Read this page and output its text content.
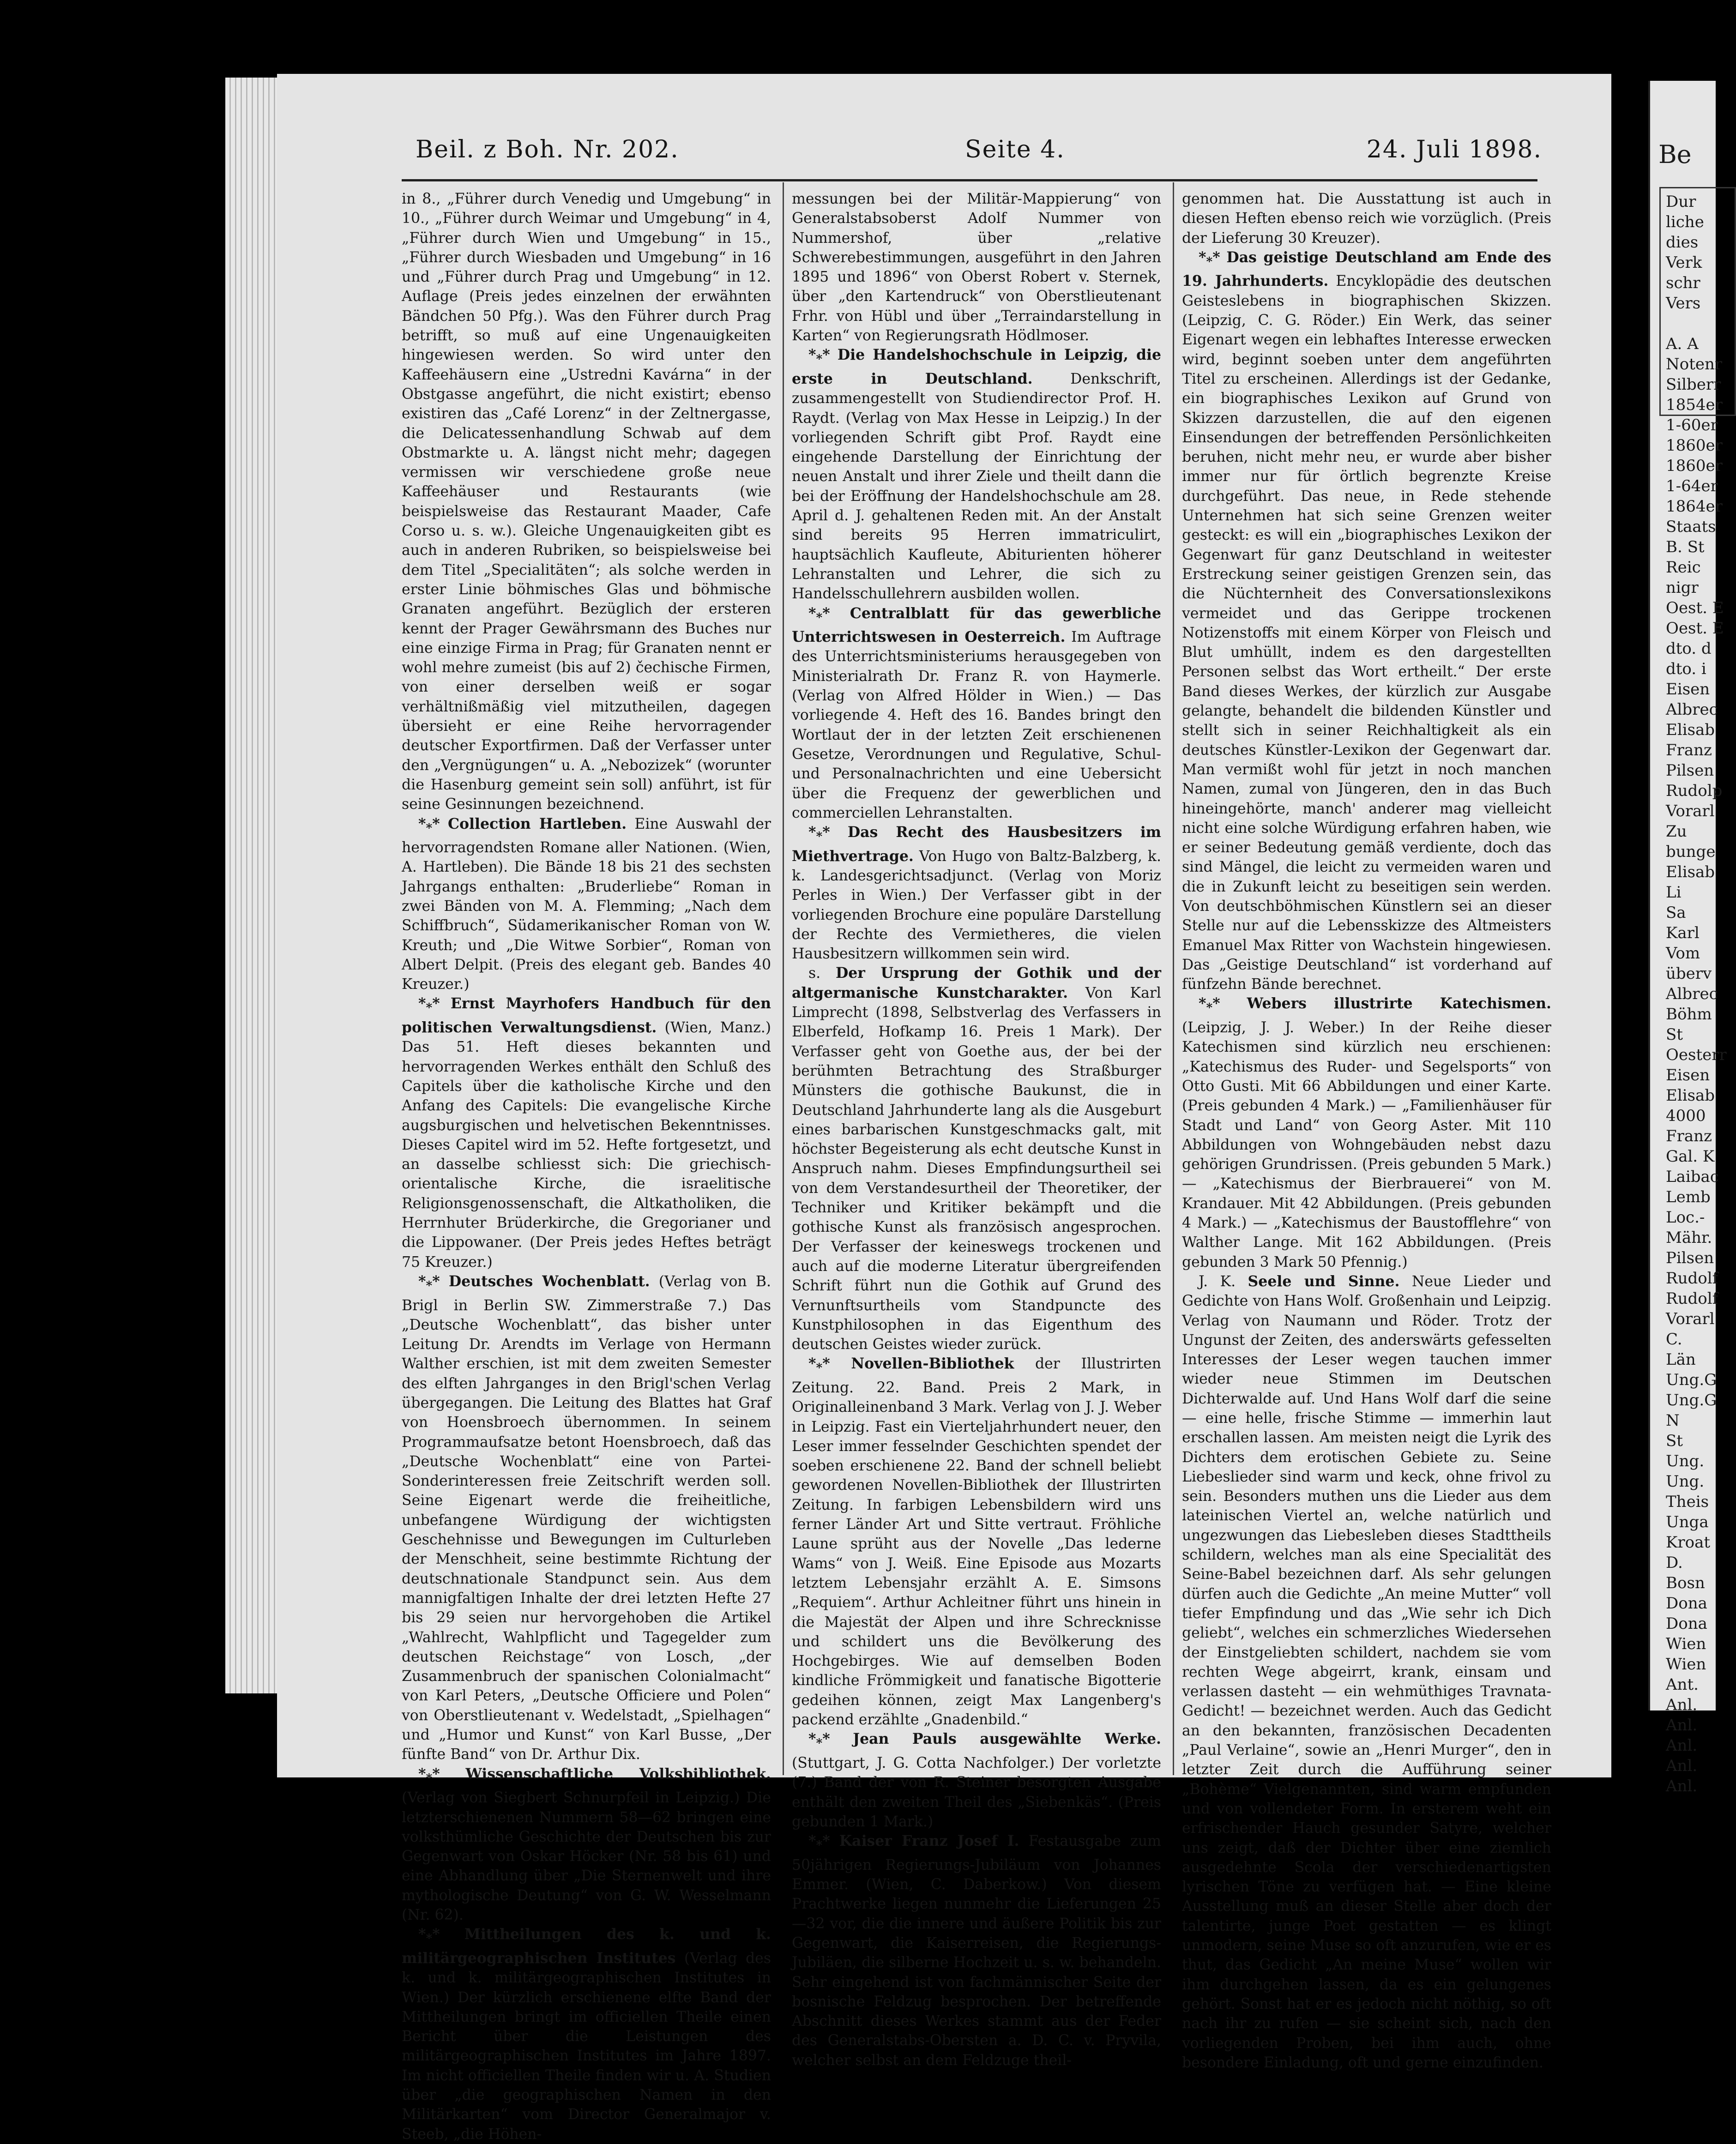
Beil. z Boh. Nr. 202.	Seite 4.	24. Juli 1898.

in 8., „Führer durch Venedig und Umgebung“ in 10., „Führer durch Weimar und Umgebung“ in 4, „Führer durch Wien und Umgebung“ in 15., „Führer durch Wiesbaden und Umgebung“ in 16 und „Führer durch Prag und Umgebung“ in 12. Auflage (Preis jedes einzelnen der erwähnten Bändchen 50 Pfg.). Was den Führer durch Prag betrifft, so muß auf eine Ungenauigkeiten hingewiesen werden. So wird unter den Kaffeehäusern eine „Ustredni Kavárna“ in der Obstgasse angeführt, die nicht existirt; ebenso existiren das „Café Lorenz“ in der Zeltnergasse, die Delicatessenhandlung Schwab auf dem Obstmarkte u. A. längst nicht mehr; dagegen vermissen wir verschiedene große neue Kaffeehäuser und Restaurants (wie beispielsweise das Restaurant Maader, Cafe Corso u. s. w.). Gleiche Ungenauigkeiten gibt es auch in anderen Rubriken, so beispielsweise bei dem Titel „Specialitäten“; als solche werden in erster Linie böhmisches Glas und böhmische Granaten angeführt. Bezüglich der ersteren kennt der Prager Gewährsmann des Buches nur eine einzige Firma in Prag; für Granaten nennt er wohl mehre zumeist (bis auf 2) čechische Firmen, von einer derselben weiß er sogar verhältnißmäßig viel mitzutheilen, dagegen übersieht er eine Reihe hervorragender deutscher Exportfirmen. Daß der Verfasser unter den „Vergnügungen“ u. A. „Nebozizek“ (worunter die Hasenburg gemeint sein soll) anführt, ist für seine Gesinnungen bezeichnend.

$*_**$ Collection Hartleben. Eine Auswahl der hervorragendsten Romane aller Nationen. (Wien, A. Hartleben). Die Bände 18 bis 21 des sechsten Jahrgangs enthalten: „Bruderliebe“ Roman in zwei Bänden von M. A. Flemming; „Nach dem Schiffbruch“, Südamerikanischer Roman von W. Kreuth; und „Die Witwe Sorbier“, Roman von Albert Delpit. (Preis des elegant geb. Bandes 40 Kreuzer.)

$*_**$ Ernst Mayrhofers Handbuch für den politischen Verwaltungsdienst. (Wien, Manz.) Das 51. Heft dieses bekannten und hervorragenden Werkes enthält den Schluß des Capitels über die katholische Kirche und den Anfang des Capitels: Die evangelische Kirche augsburgischen und helvetischen Bekenntnisses. Dieses Capitel wird im 52. Hefte fortgesetzt, und an dasselbe schliesst sich: Die griechisch-orientalische Kirche, die israelitische Religionsgenossenschaft, die Altkatholiken, die Herrnhuter Brüderkirche, die Gregorianer und die Lippowaner. (Der Preis jedes Heftes beträgt 75 Kreuzer.)

$*_**$ Deutsches Wochenblatt. (Verlag von B. Brigl in Berlin SW. Zimmerstraße 7.) Das „Deutsche Wochenblatt“, das bisher unter Leitung Dr. Arendts im Verlage von Hermann Walther erschien, ist mit dem zweiten Semester des elften Jahrganges in den Brigl'schen Verlag übergegangen. Die Leitung des Blattes hat Graf von Hoensbroech übernommen. In seinem Programmaufsatze betont Hoensbroech, daß das „Deutsche Wochenblatt“ eine von Partei-Sonderinteressen freie Zeitschrift werden soll. Seine Eigenart werde die freiheitliche, unbefangene Würdigung der wichtigsten Geschehnisse und Bewegungen im Culturleben der Menschheit, seine bestimmte Richtung der deutschnationale Standpunct sein. Aus dem mannigfaltigen Inhalte der drei letzten Hefte 27 bis 29 seien nur hervorgehoben die Artikel „Wahlrecht, Wahlpflicht und Tagegelder zum deutschen Reichstage“ von Losch, „der Zusammenbruch der spanischen Colonialmacht“ von Karl Peters, „Deutsche Officiere und Polen“ von Oberstlieutenant v. Wedelstadt, „Spielhagen“ und „Humor und Kunst“ von Karl Busse, „Der fünfte Band“ von Dr. Arthur Dix.

$*_**$ Wissenschaftliche Volksbibliothek. (Verlag von Siegbert Schnurpfeil in Leipzig.) Die letzterschienenen Nummern 58—62 bringen eine volksthümliche Geschichte der Deutschen bis zur Gegenwart von Oskar Höcker (Nr. 58 bis 61) und eine Abhandlung über „Die Sternenwelt und ihre mythologische Deutung“ von G. W. Wesselmann (Nr. 62).

$*_**$ Mittheilungen des k. und k. militärgeographischen Institutes (Verlag des k. und k. militärgeographischen Institutes in Wien.) Der kürzlich erschienene elfte Band der Mittheilungen bringt im officiellen Theile einen Bericht über die Leistungen des militärgeographischen Institutes im Jahre 1897. Im nicht officiellen Theile finden wir u. A. Studien über „die geographischen Namen in den Militärkarten“ vom Director Generalmajor v. Steeb, „die Höhen-

messungen bei der Militär-Mappierung“ von Generalstabsoberst Adolf Nummer von Nummershof, über „relative Schwerebestimmungen, ausgeführt in den Jahren 1895 und 1896“ von Oberst Robert v. Sternek, über „den Kartendruck“ von Oberstlieutenant Frhr. von Hübl und über „Terraindarstellung in Karten“ von Regierungsrath Hödlmoser.

$*_**$ Die Handelshochschule in Leipzig, die erste in Deutschland. Denkschrift, zusammengestellt von Studiendirector Prof. H. Raydt. (Verlag von Max Hesse in Leipzig.) In der vorliegenden Schrift gibt Prof. Raydt eine eingehende Darstellung der Einrichtung der neuen Anstalt und ihrer Ziele und theilt dann die bei der Eröffnung der Handelshochschule am 28. April d. J. gehaltenen Reden mit. An der Anstalt sind bereits 95 Herren immatriculirt, hauptsächlich Kaufleute, Abiturienten höherer Lehranstalten und Lehrer, die sich zu Handelsschullehrern ausbilden wollen.

$*_**$ Centralblatt für das gewerbliche Unterrichtswesen in Oesterreich. Im Auftrage des Unterrichtsministeriums herausgegeben von Ministerialrath Dr. Franz R. von Haymerle. (Verlag von Alfred Hölder in Wien.) — Das vorliegende 4. Heft des 16. Bandes bringt den Wortlaut der in der letzten Zeit erschienenen Gesetze, Verordnungen und Regulative, Schul- und Personalnachrichten und eine Uebersicht über die Frequenz der gewerblichen und commerciellen Lehranstalten.

$*_**$ Das Recht des Hausbesitzers im Miethvertrage. Von Hugo von Baltz-Balzberg, k. k. Landesgerichtsadjunct. (Verlag von Moriz Perles in Wien.) Der Verfasser gibt in der vorliegenden Brochure eine populäre Darstellung der Rechte des Vermietheres, die vielen Hausbesitzern willkommen sein wird.

s. Der Ursprung der Gothik und der altgermanische Kunstcharakter. Von Karl Limprecht (1898, Selbstverlag des Verfassers in Elberfeld, Hofkamp 16. Preis 1 Mark). Der Verfasser geht von Goethe aus, der bei der berühmten Betrachtung des Straßburger Münsters die gothische Baukunst, die in Deutschland Jahrhunderte lang als die Ausgeburt eines barbarischen Kunstgeschmacks galt, mit höchster Begeisterung als echt deutsche Kunst in Anspruch nahm. Dieses Empfindungsurtheil sei von dem Verstandesurtheil der Theoretiker, der Techniker und Kritiker bekämpft und die gothische Kunst als französisch angesprochen. Der Verfasser der keineswegs trockenen und auch auf die moderne Literatur übergreifenden Schrift führt nun die Gothik auf Grund des Vernunftsurtheils vom Standpuncte des Kunstphilosophen in das Eigenthum des deutschen Geistes wieder zurück.

$*_**$ Novellen-Bibliothek der Illustrirten Zeitung. 22. Band. Preis 2 Mark, in Originalleinenband 3 Mark. Verlag von J. J. Weber in Leipzig. Fast ein Vierteljahrhundert neuer, den Leser immer fesselnder Geschichten spendet der soeben erschienene 22. Band der schnell beliebt gewordenen Novellen-Bibliothek der Illustrirten Zeitung. In farbigen Lebensbildern wird uns ferner Länder Art und Sitte vertraut. Fröhliche Laune sprüht aus der Novelle „Das lederne Wams“ von J. Weiß. Eine Episode aus Mozarts letztem Lebensjahr erzählt A. E. Simsons „Requiem“. Arthur Achleitner führt uns hinein in die Majestät der Alpen und ihre Schrecknisse und schildert uns die Bevölkerung des Hochgebirges. Wie auf demselben Boden kindliche Frömmigkeit und fanatische Bigotterie gedeihen können, zeigt Max Langenberg's packend erzählte „Gnadenbild.“

$*_**$ Jean Pauls ausgewählte Werke. (Stuttgart, J. G. Cotta Nachfolger.) Der vorletzte (7.) Band der von R. Steiner besorgten Ausgabe enthält den zweiten Theil des „Siebenkäs“. (Preis gebunden 1 Mark.)

$*_**$ Kaiser Franz Josef I. Festausgabe zum 50jährigen Regierungs-Jubiläum von Johannes Emmer. (Wien, C. Daberkow.) Von diesem Prachtwerke liegen nunmehr die Lieferungen 25—32 vor, die die innere und äußere Politik bis zur Gegenwart, die Kaiserreisen, die Regierungs-Jubiläen, die silberne Hochzeit u. s. w. behandeln. Sehr eingehend ist von fachmännischer Seite der bosnische Feldzug besprochen. Der betreffende Abschnitt dieses Werkes stammt aus der Feder des Generalstabs-Obersten a. D. C. v. Pryvila, welcher selbst an dem Feldzuge theil-

genommen hat. Die Ausstattung ist auch in diesen Heften ebenso reich wie vorzüglich. (Preis der Lieferung 30 Kreuzer).

$*_**$ Das geistige Deutschland am Ende des 19. Jahrhunderts. Encyklopädie des deutschen Geisteslebens in biographischen Skizzen. (Leipzig, C. G. Röder.) Ein Werk, das seiner Eigenart wegen ein lebhaftes Interesse erwecken wird, beginnt soeben unter dem angeführten Titel zu erscheinen. Allerdings ist der Gedanke, ein biographisches Lexikon auf Grund von Skizzen darzustellen, die auf den eigenen Einsendungen der betreffenden Persönlichkeiten beruhen, nicht mehr neu, er wurde aber bisher immer nur für örtlich begrenzte Kreise durchgeführt. Das neue, in Rede stehende Unternehmen hat sich seine Grenzen weiter gesteckt: es will ein „biographisches Lexikon der Gegenwart für ganz Deutschland in weitester Erstreckung seiner geistigen Grenzen sein, das die Nüchternheit des Conversationslexikons vermeidet und das Gerippe trockenen Notizenstoffs mit einem Körper von Fleisch und Blut umhüllt, indem es den dargestellten Personen selbst das Wort ertheilt.“ Der erste Band dieses Werkes, der kürzlich zur Ausgabe gelangte, behandelt die bildenden Künstler und stellt sich in seiner Reichhaltigkeit als ein deutsches Künstler-Lexikon der Gegenwart dar. Man vermißt wohl für jetzt in noch manchen Namen, zumal von Jüngeren, den in das Buch hineingehörte, manch' anderer mag vielleicht nicht eine solche Würdigung erfahren haben, wie er seiner Bedeutung gemäß verdiente, doch das sind Mängel, die leicht zu vermeiden waren und die in Zukunft leicht zu beseitigen sein werden. Von deutschböhmischen Künstlern sei an dieser Stelle nur auf die Lebensskizze des Altmeisters Emanuel Max Ritter von Wachstein hingewiesen. Das „Geistige Deutschland“ ist vorderhand auf fünfzehn Bände berechnet.

$*_**$ Webers illustrirte Katechismen. (Leipzig, J. J. Weber.) In der Reihe dieser Katechismen sind kürzlich neu erschienen: „Katechismus des Ruder- und Segelsports“ von Otto Gusti. Mit 66 Abbildungen und einer Karte. (Preis gebunden 4 Mark.) — „Familienhäuser für Stadt und Land“ von Georg Aster. Mit 110 Abbildungen von Wohngebäuden nebst dazu gehörigen Grundrissen. (Preis gebunden 5 Mark.) — „Katechismus der Bierbrauerei“ von M. Krandauer. Mit 42 Abbildungen. (Preis gebunden 4 Mark.) — „Katechismus der Baustofflehre“ von Walther Lange. Mit 162 Abbildungen. (Preis gebunden 3 Mark 50 Pfennig.)

J. K. Seele und Sinne. Neue Lieder und Gedichte von Hans Wolf. Großenhain und Leipzig. Verlag von Naumann und Röder. Trotz der Ungunst der Zeiten, des anderswärts gefesselten Interesses der Leser wegen tauchen immer wieder neue Stimmen im Deutschen Dichterwalde auf. Und Hans Wolf darf die seine — eine helle, frische Stimme — immerhin laut erschallen lassen. Am meisten neigt die Lyrik des Dichters dem erotischen Gebiete zu. Seine Liebeslieder sind warm und keck, ohne frivol zu sein. Besonders muthen uns die Lieder aus dem lateinischen Viertel an, welche natürlich und ungezwungen das Liebesleben dieses Stadttheils schildern, welches man als eine Specialität des Seine-Babel bezeichnen darf. Als sehr gelungen dürfen auch die Gedichte „An meine Mutter“ voll tiefer Empfindung und das „Wie sehr ich Dich geliebt“, welches ein schmerzliches Wiedersehen der Einstgeliebten schildert, nachdem sie vom rechten Wege abgeirrt, krank, einsam und verlassen dasteht — ein wehmüthiges Travnata-Gedicht! — bezeichnet werden. Auch das Gedicht an den bekannten, französischen Decadenten „Paul Verlaine“, sowie an „Henri Murger“, den in letzter Zeit durch die Aufführung seiner „Bohème“ Vielgenannten, sind warm empfunden und von vollendeter Form. In ersterem weht ein erfrischender Hauch gesunder Satyre, welcher uns zeigt, daß der Dichter über eine ziemlich ausgedehnte Scola der verschiedenartigsten lyrischen Töne zu verfügen hat. — Eine kleine Ausstellung muß an dieser Stelle aber doch der talentirte, junge Poet gestatten — es klingt unmodern, seine Muse so oft anzurufen, wie er es thut, das Gedicht „An meine Muse“ wollen wir ihm durchgehen lassen, da es ein gelungenes gehört. Sonst hat er es jedoch nicht nöthig, so oft nach ihr zu rufen — sie scheint sich, nach den vorliegenden Proben, bei ihm auch, ohne besondere Einladung, oft und gerne einzufinden.

Be
Dur
liche
dies
Verk
schr
Vers

A. A
Notenr
Silberr
1854er
1-60er
1860er
1860er
1-64er
1864er
Staats
B. St
Reic
nigr
Oest. E
Oest. E
dto. d
dto. i
Eisen
Albrec
Elisab
Franz
Pilsen
Rudolp
Vorarl
Zu
bunge
Elisab
Li
Sa
Karl
Vom
überv
Albrec
Böhm
St
Oesterr
Eisen
Elisab
4000
Franz
Gal. K
Laibac
Lemb
Loc.-
Mähr.
Pilsen
Rudolf
Rudolf
Vorarl
C.
Län
Ung.G
Ung.G
N
St
Ung.
Ung.
Theis
Unga
Kroat
D.
Bosn
Dona
Dona
Wien
Wien
Ant.
Anl.
Anl.
Anl.
Anl.
Anl.
